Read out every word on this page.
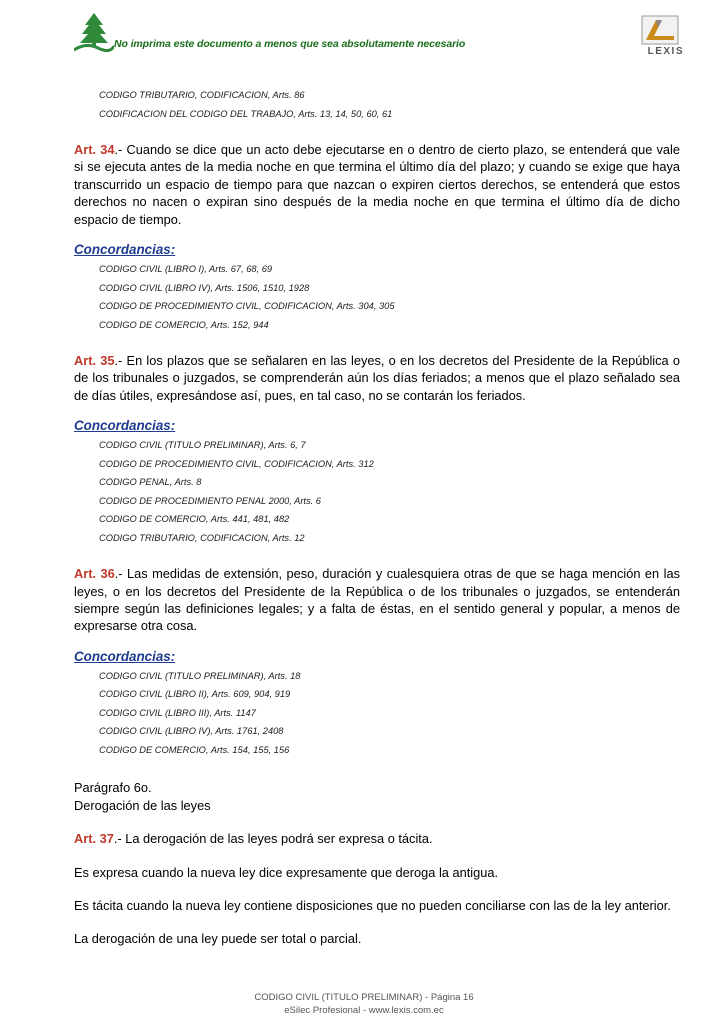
No imprima este documento a menos que sea absolutamente necesario
LEXIS
CODIGO TRIBUTARIO, CODIFICACION, Arts. 86
CODIFICACION DEL CODIGO DEL TRABAJO, Arts. 13, 14, 50, 60, 61

Art. 34.- Cuando se dice que un acto debe ejecutarse en o dentro de cierto plazo, se entenderá que vale si se ejecuta antes de la media noche en que termina el último día del plazo; y cuando se exige que haya transcurrido un espacio de tiempo para que nazcan o expiren ciertos derechos, se entenderá que estos derechos no nacen o expiran sino después de la media noche en que termina el último día de dicho espacio de tiempo.

Concordancias:
CODIGO CIVIL (LIBRO I), Arts. 67, 68, 69
CODIGO CIVIL (LIBRO IV), Arts. 1506, 1510, 1928
CODIGO DE PROCEDIMIENTO CIVIL, CODIFICACION, Arts. 304, 305
CODIGO DE COMERCIO, Arts. 152, 944

Art. 35.- En los plazos que se señalaren en las leyes, o en los decretos del Presidente de la República o de los tribunales o juzgados, se comprenderán aún los días feriados; a menos que el plazo señalado sea de días útiles, expresándose así, pues, en tal caso, no se contarán los feriados.

Concordancias:
CODIGO CIVIL (TITULO PRELIMINAR), Arts. 6, 7
CODIGO DE PROCEDIMIENTO CIVIL, CODIFICACION, Arts. 312
CODIGO PENAL, Arts. 8
CODIGO DE PROCEDIMIENTO PENAL 2000, Arts. 6
CODIGO DE COMERCIO, Arts. 441, 481, 482
CODIGO TRIBUTARIO, CODIFICACION, Arts. 12

Art. 36.- Las medidas de extensión, peso, duración y cualesquiera otras de que se haga mención en las leyes, o en los decretos del Presidente de la República o de los tribunales o juzgados, se entenderán siempre según las definiciones legales; y a falta de éstas, en el sentido general y popular, a menos de expresarse otra cosa.

Concordancias:
CODIGO CIVIL (TITULO PRELIMINAR), Arts. 18
CODIGO CIVIL (LIBRO II), Arts. 609, 904, 919
CODIGO CIVIL (LIBRO III), Arts. 1147
CODIGO CIVIL (LIBRO IV), Arts. 1761, 2408
CODIGO DE COMERCIO, Arts. 154, 155, 156

Parágrafo 6o.

Derogación de las leyes

Art. 37.- La derogación de las leyes podrá ser expresa o tácita.

Es expresa cuando la nueva ley dice expresamente que deroga la antigua.

Es tácita cuando la nueva ley contiene disposiciones que no pueden conciliarse con las de la ley anterior.

La derogación de una ley puede ser total o parcial.

CODIGO CIVIL (TITULO PRELIMINAR) - Página 16
eSilec Profesional - www.lexis.com.ec
